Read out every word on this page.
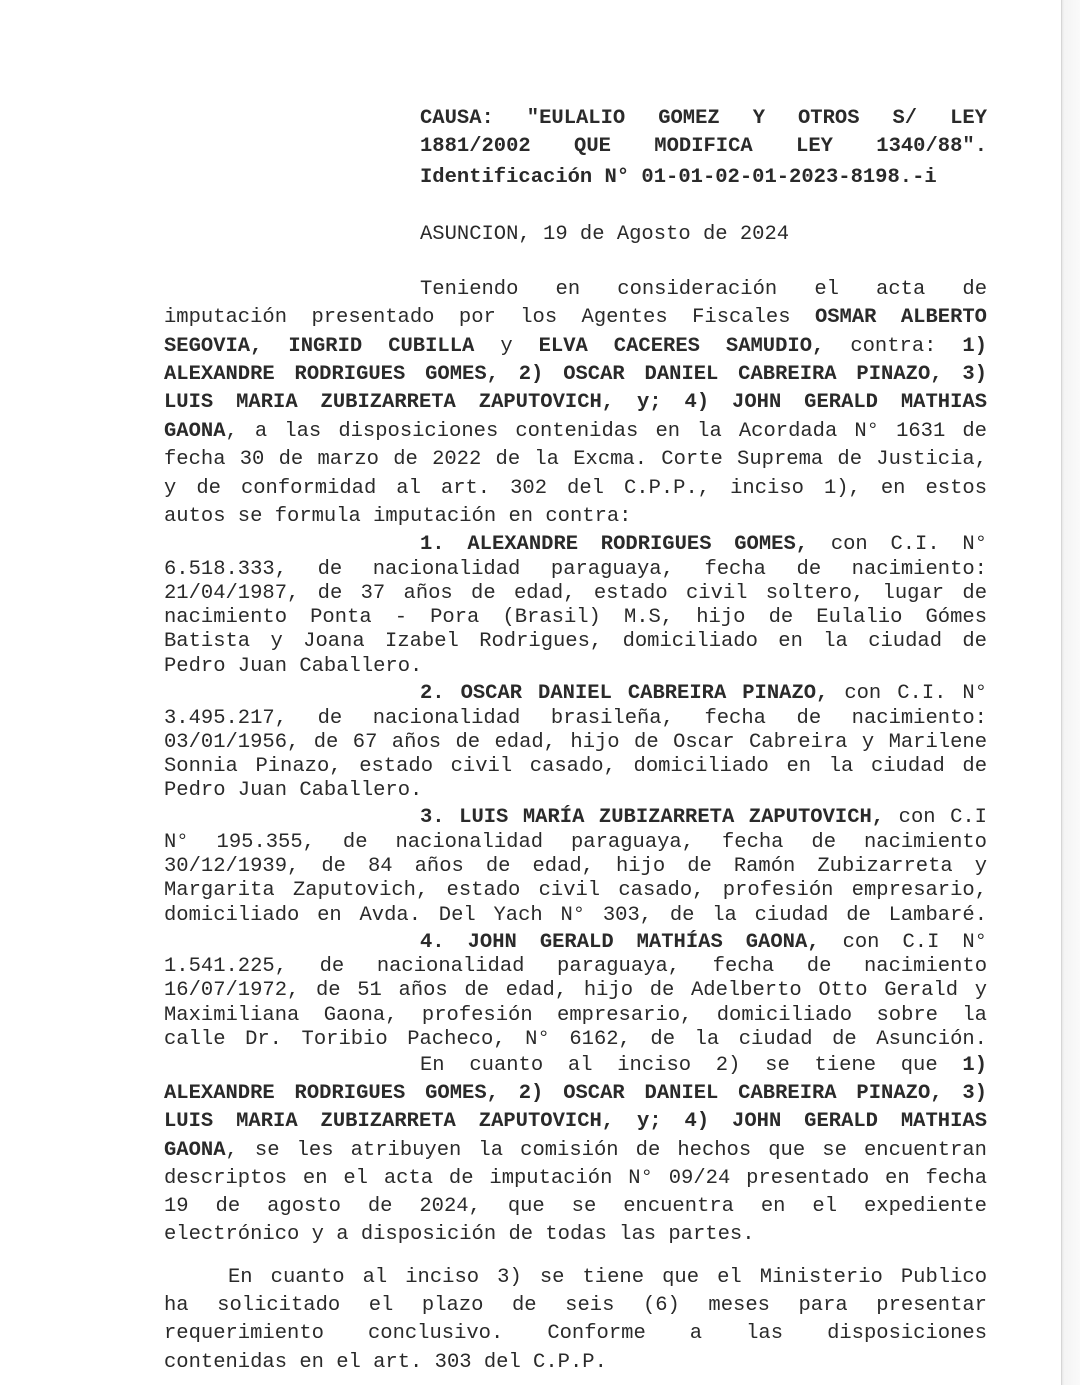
CAUSA: "EULALIO GOMEZ Y OTROS S/ LEY
1881/2002 QUE MODIFICA LEY 1340/88".
Identificación N° 01-01-02-01-2023-8198.-i
ASUNCION, 19 de Agosto de 2024
Teniendo en consideración el acta de
imputación presentado por los Agentes Fiscales OSMAR ALBERTO
SEGOVIA, INGRID CUBILLA y ELVA CACERES SAMUDIO, contra: 1)
ALEXANDRE RODRIGUES GOMES, 2) OSCAR DANIEL CABREIRA PINAZO, 3)
LUIS MARIA ZUBIZARRETA ZAPUTOVICH, y; 4) JOHN GERALD MATHIAS
GAONA, a las disposiciones contenidas en la Acordada N° 1631 de
fecha 30 de marzo de 2022 de la Excma. Corte Suprema de Justicia,
y de conformidad al art. 302 del C.P.P., inciso 1), en estos
autos se formula imputación en contra:
1. ALEXANDRE RODRIGUES GOMES, con C.I. N°
6.518.333, de nacionalidad paraguaya, fecha de nacimiento:
21/04/1987, de 37 años de edad, estado civil soltero, lugar de
nacimiento Ponta - Pora (Brasil) M.S, hijo de Eulalio Gómes
Batista y Joana Izabel Rodrigues, domiciliado en la ciudad de
Pedro Juan Caballero.
2. OSCAR DANIEL CABREIRA PINAZO, con C.I. N°
3.495.217, de nacionalidad brasileña, fecha de nacimiento:
03/01/1956, de 67 años de edad, hijo de Oscar Cabreira y Marilene
Sonnia Pinazo, estado civil casado, domiciliado en la ciudad de
Pedro Juan Caballero.
3. LUIS MARÍA ZUBIZARRETA ZAPUTOVICH, con C.I
N° 195.355, de nacionalidad paraguaya, fecha de nacimiento
30/12/1939, de 84 años de edad, hijo de Ramón Zubizarreta y
Margarita Zaputovich, estado civil casado, profesión empresario,
domiciliado en Avda. Del Yach N° 303, de la ciudad de Lambaré.
4. JOHN GERALD MATHÍAS GAONA, con C.I N°
1.541.225, de nacionalidad paraguaya, fecha de nacimiento
16/07/1972, de 51 años de edad, hijo de Adelberto Otto Gerald y
Maximiliana Gaona, profesión empresario, domiciliado sobre la
calle Dr. Toribio Pacheco, N° 6162, de la ciudad de Asunción.
En cuanto al inciso 2) se tiene que 1)
ALEXANDRE RODRIGUES GOMES, 2) OSCAR DANIEL CABREIRA PINAZO, 3)
LUIS MARIA ZUBIZARRETA ZAPUTOVICH, y; 4) JOHN GERALD MATHIAS
GAONA, se les atribuyen la comisión de hechos que se encuentran
descriptos en el acta de imputación N° 09/24 presentado en fecha
19 de agosto de 2024, que se encuentra en el expediente
electrónico y a disposición de todas las partes.
En cuanto al inciso 3) se tiene que el Ministerio Publico
ha solicitado el plazo de seis (6) meses para presentar
requerimiento conclusivo. Conforme a las disposiciones
contenidas en el art. 303 del C.P.P.
